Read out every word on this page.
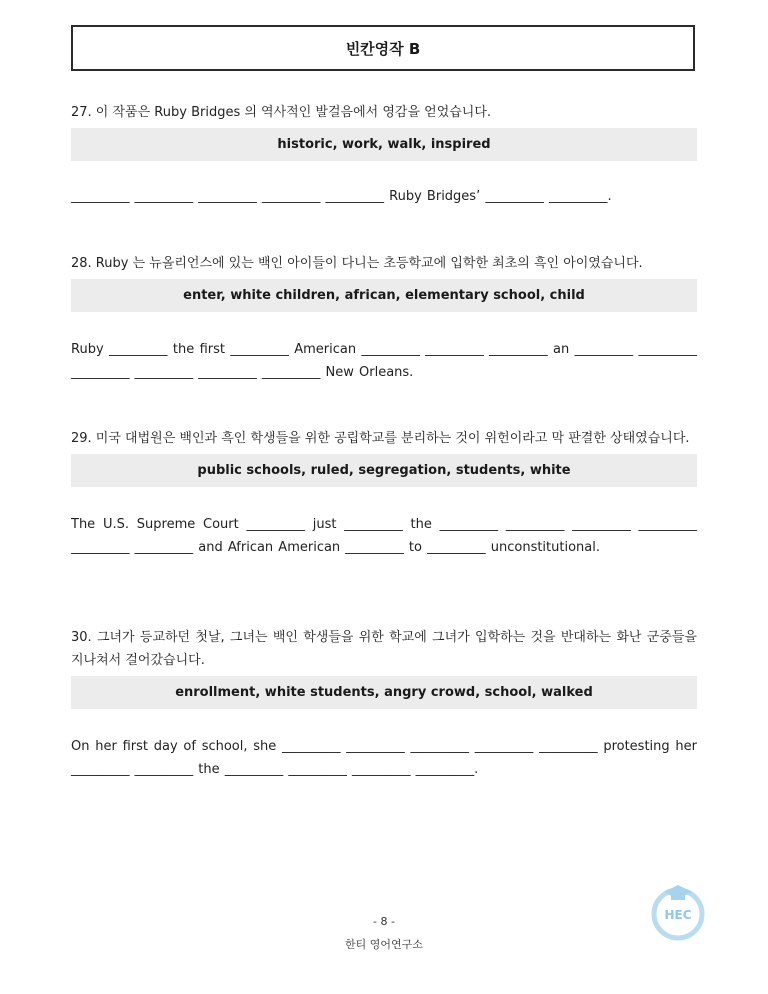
빈칸영작 B

27. 이 작품은 Ruby Bridges 의 역사적인 발걸음에서 영감을 얻었습니다.

historic, work, walk, inspired

_________ _________ _________ _________ _________ Ruby Bridges’ _________ _________.

28. Ruby 는 뉴올리언스에 있는 백인 아이들이 다니는 초등학교에 입학한 최초의 흑인 아이였습니다.

enter, white children, african, elementary school, child

Ruby _________ the first _________ American _________ _________ _________ an _________ _________ _________ _________ _________ _________ New Orleans.

29. 미국 대법원은 백인과 흑인 학생들을 위한 공립학교를 분리하는 것이 위헌이라고 막 판결한 상태였습니다.

public schools, ruled, segregation, students, white

The U.S. Supreme Court _________ just _________ the _________ _________ _________ _________ _________ _________ and African American _________ to _________ unconstitutional.

30. 그녀가 등교하던 첫날, 그녀는 백인 학생들을 위한 학교에 그녀가 입학하는 것을 반대하는 화난 군중들을 지나쳐서 걸어갔습니다.

enrollment, white students, angry crowd, school, walked

On her first day of school, she _________ _________ _________ _________ _________ protesting her _________ _________ the _________ _________ _________ _________.

HEC
- 8 -
한티 영어연구소
